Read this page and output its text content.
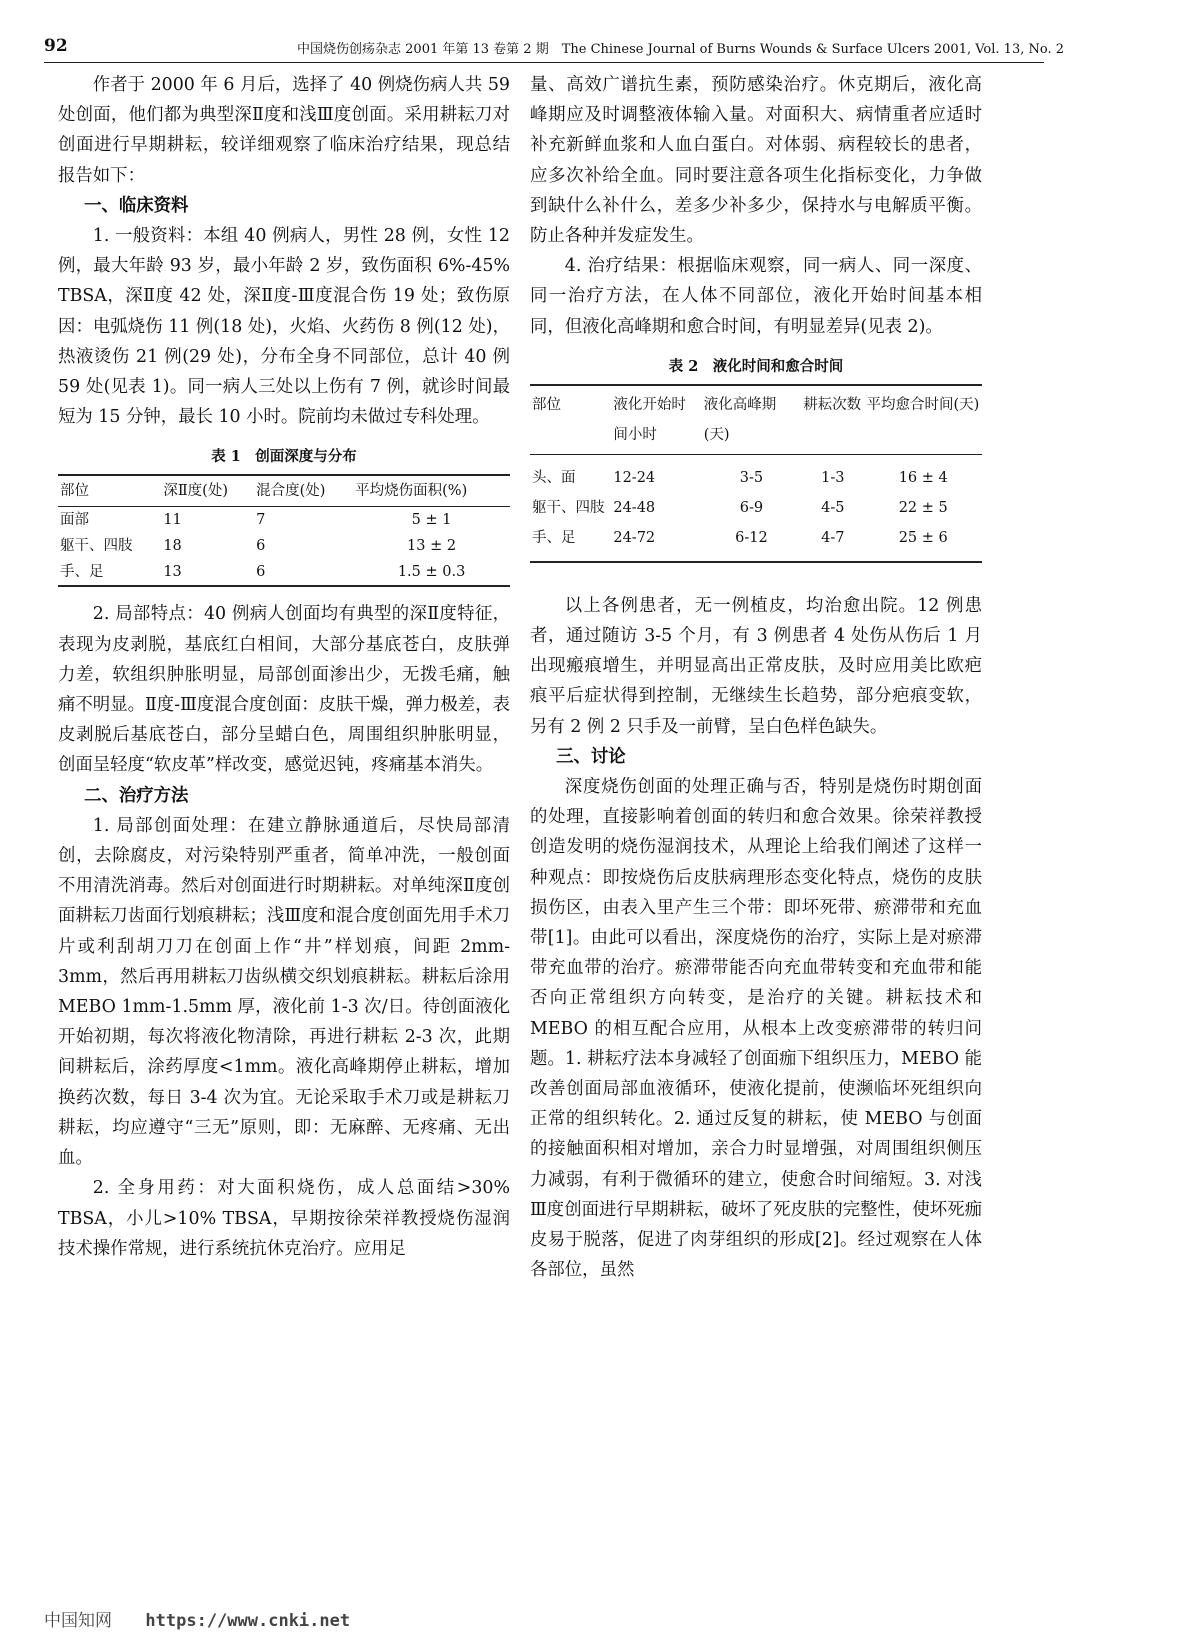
92	中国烧伤创疡杂志 2001 年第 13 卷第 2 期　The Chinese Journal of Burns Wounds & Surface Ulcers 2001, Vol. 13, No. 2

作者于 2000 年 6 月后，选择了 40 例烧伤病人共 59 处创面，他们都为典型深Ⅱ度和浅Ⅲ度创面。采用耕耘刀对创面进行早期耕耘，较详细观察了临床治疗结果，现总结报告如下：

一、临床资料

1. 一般资料：本组 40 例病人，男性 28 例，女性 12 例，最大年龄 93 岁，最小年龄 2 岁，致伤面积 6%-45% TBSA，深Ⅱ度 42 处，深Ⅱ度-Ⅲ度混合伤 19 处；致伤原因：电弧烧伤 11 例(18 处)，火焰、火药伤 8 例(12 处)，热液烫伤 21 例(29 处)，分布全身不同部位，总计 40 例 59 处(见表 1)。同一病人三处以上伤有 7 例，就诊时间最短为 15 分钟，最长 10 小时。院前均未做过专科处理。

表 1　创面深度与分布
部位	深Ⅱ度(处)	混合度(处)	平均烧伤面积(%)
面部	11	7	5 ± 1
躯干、四肢	18	6	13 ± 2
手、足	13	6	1.5 ± 0.3

2. 局部特点：40 例病人创面均有典型的深Ⅱ度特征，表现为皮剥脱，基底红白相间，大部分基底苍白，皮肤弹力差，软组织肿胀明显，局部创面渗出少，无拨毛痛，触痛不明显。Ⅱ度-Ⅲ度混合度创面：皮肤干燥，弹力极差，表皮剥脱后基底苍白，部分呈蜡白色，周围组织肿胀明显，创面呈轻度“软皮革”样改变，感觉迟钝，疼痛基本消失。

二、治疗方法

1. 局部创面处理：在建立静脉通道后，尽快局部清创，去除腐皮，对污染特别严重者，简单冲洗，一般创面不用清洗消毒。然后对创面进行时期耕耘。对单纯深Ⅱ度创面耕耘刀齿面行划痕耕耘；浅Ⅲ度和混合度创面先用手术刀片或利刮胡刀刀在创面上作“井”样划痕，间距 2mm-3mm，然后再用耕耘刀齿纵横交织划痕耕耘。耕耘后涂用 MEBO 1mm-1.5mm 厚，液化前 1-3 次/日。待创面液化开始初期，每次将液化物清除，再进行耕耘 2-3 次，此期间耕耘后，涂药厚度<1mm。液化高峰期停止耕耘，增加换药次数，每日 3-4 次为宜。无论采取手术刀或是耕耘刀耕耘，均应遵守“三无”原则，即：无麻醉、无疼痛、无出血。

2. 全身用药：对大面积烧伤，成人总面结>30% TBSA，小儿>10% TBSA，早期按徐荣祥教授烧伤湿润技术操作常规，进行系统抗休克治疗。应用足

量、高效广谱抗生素，预防感染治疗。休克期后，液化高峰期应及时调整液体输入量。对面积大、病情重者应适时补充新鲜血浆和人血白蛋白。对体弱、病程较长的患者，应多次补给全血。同时要注意各项生化指标变化，力争做到缺什么补什么，差多少补多少，保持水与电解质平衡。防止各种并发症发生。

4. 治疗结果：根据临床观察，同一病人、同一深度、同一治疗方法，在人体不同部位，液化开始时间基本相同，但液化高峰期和愈合时间，有明显差异(见表 2)。

表 2　液化时间和愈合时间
部位	液化开始时间小时	液化高峰期(天)	耕耘次数	平均愈合时间(天)
头、面	12-24	3-5	1-3	16 ± 4
躯干、四肢	24-48	6-9	4-5	22 ± 5
手、足	24-72	6-12	4-7	25 ± 6

以上各例患者，无一例植皮，均治愈出院。12 例患者，通过随访 3-5 个月，有 3 例患者 4 处伤从伤后 1 月出现瘢痕增生，并明显高出正常皮肤，及时应用美比欧疤痕平后症状得到控制，无继续生长趋势，部分疤痕变软，另有 2 例 2 只手及一前臂，呈白色样色缺失。

三、讨论

深度烧伤创面的处理正确与否，特别是烧伤时期创面的处理，直接影响着创面的转归和愈合效果。徐荣祥教授创造发明的烧伤湿润技术，从理论上给我们阐述了这样一种观点：即按烧伤后皮肤病理形态变化特点，烧伤的皮肤损伤区，由表入里产生三个带：即坏死带、瘀滞带和充血带[1]。由此可以看出，深度烧伤的治疗，实际上是对瘀滞带充血带的治疗。瘀滞带能否向充血带转变和充血带和能否向正常组织方向转变，是治疗的关键。耕耘技术和 MEBO 的相互配合应用，从根本上改变瘀滞带的转归问题。1. 耕耘疗法本身减轻了创面痂下组织压力，MEBO 能改善创面局部血液循环，使液化提前，使濒临坏死组织向正常的组织转化。2. 通过反复的耕耘，使 MEBO 与创面的接触面积相对增加，亲合力时显增强，对周围组织侧压力减弱，有利于微循环的建立，使愈合时间缩短。3. 对浅Ⅲ度创面进行早期耕耘，破坏了死皮肤的完整性，使坏死痂皮易于脱落，促进了肉芽组织的形成[2]。经过观察在人体各部位，虽然

中国知网 https://www.cnki.net
